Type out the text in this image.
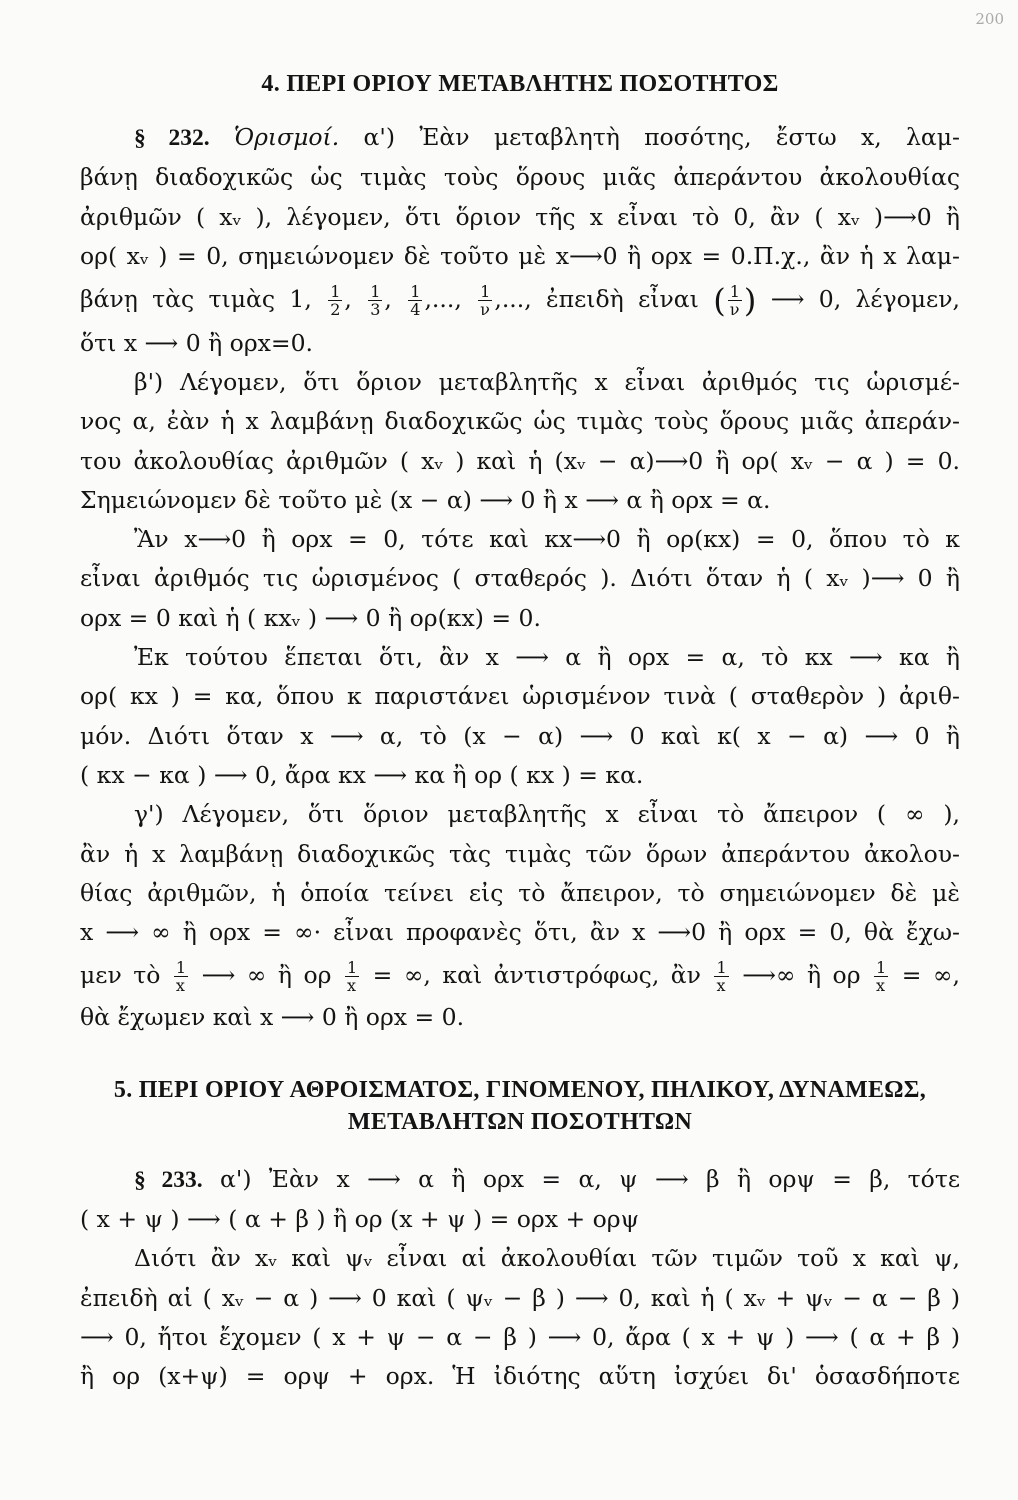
200

4. ΠΕΡΙ ΟΡΙΟΥ ΜΕΤΑΒΛΗΤΗΣ ΠΟΣΟΤΗΤΟΣ

§ 232. Ὁρισμοί. α') Ἐὰν μεταβλητὴ ποσότης, ἔστω x, λαμ-

βάνῃ διαδοχικῶς ὡς τιμὰς τοὺς ὅρους μιᾶς ἀπεράντου ἀκολουθίας

ἀριθμῶν ( xᵥ ), λέγομεν, ὅτι ὅριον τῆς x εἶναι τὸ 0, ἂν ( xᵥ )⟶0 ἢ

ορ( xᵥ ) = 0, σημειώνομεν δὲ τοῦτο μὲ x⟶0 ἢ ορx = 0.Π.χ., ἂν ἡ x λαμ-

βάνῃ τὰς τιμὰς 1, $\frac{1}{2}$ , $\frac{1}{3}$ , $\frac{1}{4}$ ,..., $\frac{1}{\nu}$ ,..., ἐπειδὴ εἶναι ( $\frac{1}{\nu}$ ) ⟶ 0, λέγομεν,

ὅτι x ⟶ 0 ἢ ορx=0.

β') Λέγομεν, ὅτι ὅριον μεταβλητῆς x εἶναι ἀριθμός τις ὡρισμέ-

νος α, ἐὰν ἡ x λαμβάνῃ διαδοχικῶς ὡς τιμὰς τοὺς ὅρους μιᾶς ἀπεράν-

του ἀκολουθίας ἀριθμῶν ( xᵥ ) καὶ ἡ (xᵥ − α)⟶0 ἢ ορ( xᵥ − α ) = 0.

Σημειώνομεν δὲ τοῦτο μὲ (x − α) ⟶ 0 ἢ x ⟶ α ἢ ορx = α.

Ἂν x⟶0 ἢ ορx = 0, τότε καὶ κx⟶0 ἢ ορ(κx) = 0, ὅπου τὸ κ

εἶναι ἀριθμός τις ὡρισμένος ( σταθερός ). Διότι ὅταν ἡ ( xᵥ )⟶ 0 ἢ

ορx = 0 καὶ ἡ ( κxᵥ ) ⟶ 0 ἢ ορ(κx) = 0.

Ἐκ τούτου ἕπεται ὅτι, ἂν x ⟶ α ἢ ορx = α, τὸ κx ⟶ κα ἢ

ορ( κx ) = κα, ὅπου κ παριστάνει ὡρισμένον τινὰ ( σταθερὸν ) ἀριθ-

μόν. Διότι ὅταν x ⟶ α, τὸ (x − α) ⟶ 0 καὶ κ( x − α) ⟶ 0 ἢ

( κx − κα ) ⟶ 0, ἄρα κx ⟶ κα ἢ ορ ( κx ) = κα.

γ') Λέγομεν, ὅτι ὅριον μεταβλητῆς x εἶναι τὸ ἄπειρον ( ∞ ),

ἂν ἡ x λαμβάνῃ διαδοχικῶς τὰς τιμὰς τῶν ὅρων ἀπεράντου ἀκολου-

θίας ἀριθμῶν, ἡ ὁποία τείνει εἰς τὸ ἄπειρον, τὸ σημειώνομεν δὲ μὲ

x ⟶ ∞ ἢ ορx = ∞· εἶναι προφανὲς ὅτι, ἂν x ⟶0 ἢ ορx = 0, θὰ ἔχω-

μεν τὸ $\frac{1}{x}$ ⟶ ∞ ἢ ορ $\frac{1}{x}$ = ∞, καὶ ἀντιστρόφως, ἂν $\frac{1}{x}$ ⟶∞ ἢ ορ $\frac{1}{x}$ = ∞,

θὰ ἔχωμεν καὶ x ⟶ 0 ἢ ορx = 0.

5. ΠΕΡΙ ΟΡΙΟΥ ΑΘΡΟΙΣΜΑΤΟΣ, ΓΙΝΟΜΕΝΟΥ, ΠΗΛΙΚΟΥ, ΔΥΝΑΜΕΩΣ,
ΜΕΤΑΒΛΗΤΩΝ ΠΟΣΟΤΗΤΩΝ

§ 233. α') Ἐὰν x ⟶ α ἢ ορx = α, ψ ⟶ β ἢ ορψ = β, τότε

( x + ψ ) ⟶ ( α + β ) ἢ ορ (x + ψ ) = ορx + ορψ

Διότι ἂν xᵥ καὶ ψᵥ εἶναι αἱ ἀκολουθίαι τῶν τιμῶν τοῦ x καὶ ψ,

ἐπειδὴ αἱ ( xᵥ − α ) ⟶ 0 καὶ ( ψᵥ − β ) ⟶ 0, καὶ ἡ ( xᵥ + ψᵥ − α − β )

⟶ 0, ἤτοι ἔχομεν ( x + ψ − α − β ) ⟶ 0, ἄρα ( x + ψ ) ⟶ ( α + β )

ἢ ορ (x+ψ) = ορψ + ορx. Ἡ ἰδιότης αὕτη ἰσχύει δι' ὁσασδήποτε
